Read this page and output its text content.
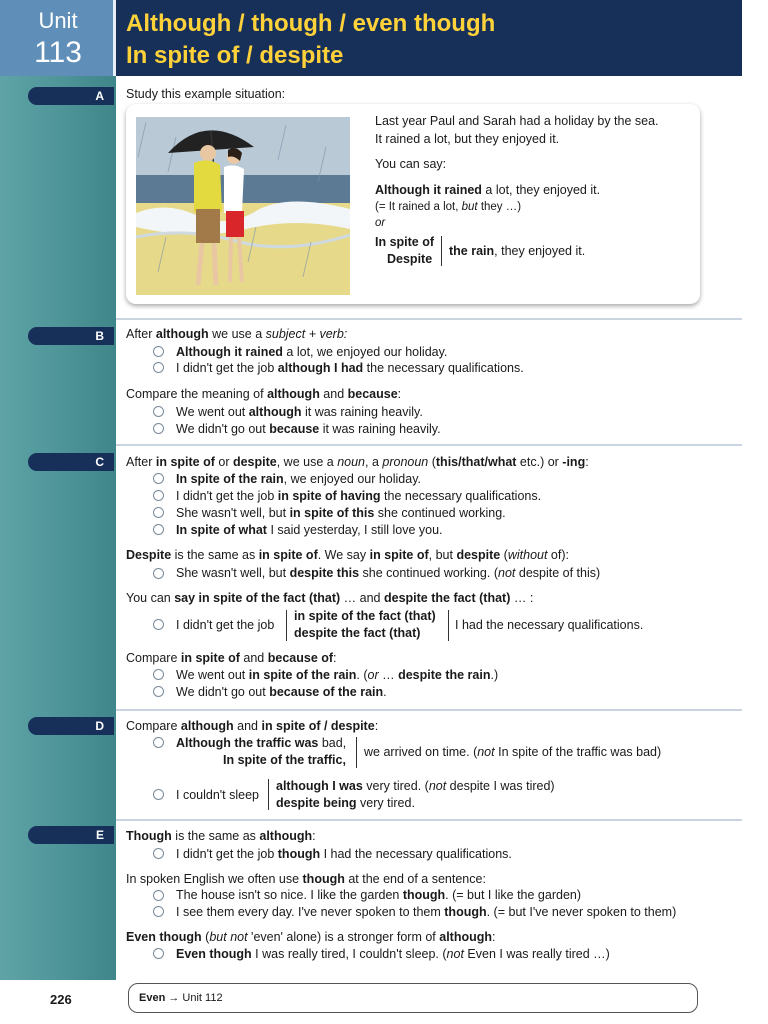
Unit
113
Although / though / even though
In spite of / despite
226
A
B
C
D
E
Study this example situation:
Last year Paul and Sarah had a holiday by the sea.
It rained a lot, but they enjoyed it.
You can say:
Although it rained a lot, they enjoyed it.
(= It rained a lot, but they …)
or
In spite of
Despite
the rain, they enjoyed it.
After although we use a subject + verb:
Although it rained a lot, we enjoyed our holiday.
I didn't get the job although I had the necessary qualifications.
Compare the meaning of although and because:
We went out although it was raining heavily.
We didn't go out because it was raining heavily.
After in spite of or despite, we use a noun, a pronoun (this/that/what etc.) or -ing:
In spite of the rain, we enjoyed our holiday.
I didn't get the job in spite of having the necessary qualifications.
She wasn't well, but in spite of this she continued working.
In spite of what I said yesterday, I still love you.
Despite is the same as in spite of. We say in spite of, but despite (without of):
She wasn't well, but despite this she continued working. (not despite of this)
You can say in spite of the fact (that) … and despite the fact (that) … :
I didn't get the job
in spite of the fact (that)
despite the fact (that)
I had the necessary qualifications.
Compare in spite of and because of:
We went out in spite of the rain. (or … despite the rain.)
We didn't go out because of the rain.
Compare although and in spite of / despite:
Although the traffic was bad,
In spite of the traffic,
we arrived on time. (not In spite of the traffic was bad)
I couldn't sleep
although I was very tired. (not despite I was tired)
despite being very tired.
Though is the same as although:
I didn't get the job though I had the necessary qualifications.
In spoken English we often use though at the end of a sentence:
The house isn't so nice. I like the garden though. (= but I like the garden)
I see them every day. I've never spoken to them though. (= but I've never spoken to them)
Even though (but not 'even' alone) is a stronger form of although:
Even though I was really tired, I couldn't sleep. (not Even I was really tired …)
Even → Unit 112
